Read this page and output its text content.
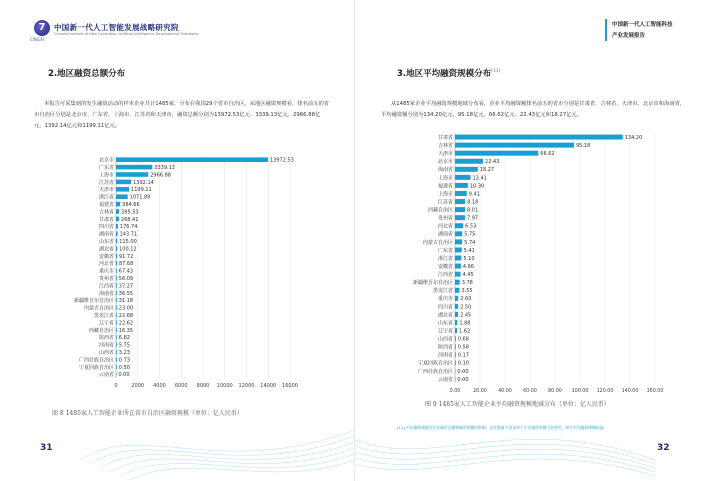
7
CINGAI
中国新一代人工智能发展战略研究院
Chinese Institute of New Generation Artificial Intelligence Development Strategies
2.地区融资总额分布

本报告可采集到的发生融资活动的样本企业共计1485家，分布在我国29个省市自治区。从地区融资规模看，排名前五的省市自治区分别是北京市、广东省、上海市、江苏省和天津市，融资总额分别为13972.53亿元、3339.13亿元、2966.88亿元、1392.14亿元和1199.11亿元。

0	2000 4000 6000 8000 10000 12000 14000 16000
北京市	13972.53
广东省	3339.13
上海市	2966.88
江苏省	1392.14
天津市	1199.11
浙江省	1071.89
福建省 384.66
吉林省 285.53
甘肃省 268.41
四川省 176.74
湖南省 143.71
山东省 115.00
湖北省 100.12
安徽省 91.72
河北省 87.68
重庆市 67.43
贵州省 56.09
江西省 37.27
海南省 36.55
新疆维吾尔自治区 31.18
内蒙古自治区 23.00
黑龙江省 22.68
辽宁省 22.62
西藏自治区 16.35
陕西省 6.82
河南省 5.75
山西省 3.23
广西壮族自治区 0.73
宁夏回族自治区 0.50
云南省 0.00
图 8 1485家人工智能企业所在省市自治区融资规模（单位：亿人民币）
31
3.地区平均融资规模分布[11]

从1485家企业平均融资规模地域分布看，企业平均融资额排名前五的省市分别是甘肃省、吉林省、天津市、北京市和海南省，平均融资额分别为134.20亿元、95.18亿元、66.62亿元、22.43亿元和18.27亿元。

0.00	20.00 40.00 60.00 80.00 100.00 120.00 140.00 160.00
甘肃省	134.20
吉林省	95.18
天津市	66.62
北京市	22.43
海南省	18.27
上海市	12.41
福建省	10.30
上海市	9.41
江苏省	8.18
西藏自治区	8.01
贵州省	7.97
河北省 6.53
湖南省 5.75
内蒙古自治区 5.74
广东省 5.41
浙江省 5.10
安徽省 4.66
江西省 4.45
新疆维吾尔自治区 3.78
黑龙江省 3.55
重庆市 2.60
四川省 2.50
湖北省 2.45
山东省 1.88
辽宁省 1.62
山西省 0.68
陕西省 0.58
河南省 0.17
宁夏回族自治区 0.10
广西壮族自治区 0.00
云南省 0.00
图 9 1485家人工智能企业平均融资规模地域分布（单位：亿人民币）
[11] 平均融资规模为企业融资总额和融资规模的影响，企业数量少但是单个企业融资规模大的省市，单位平均融资规模较高。
中国新一代人工智能科技
产业发展报告
32
